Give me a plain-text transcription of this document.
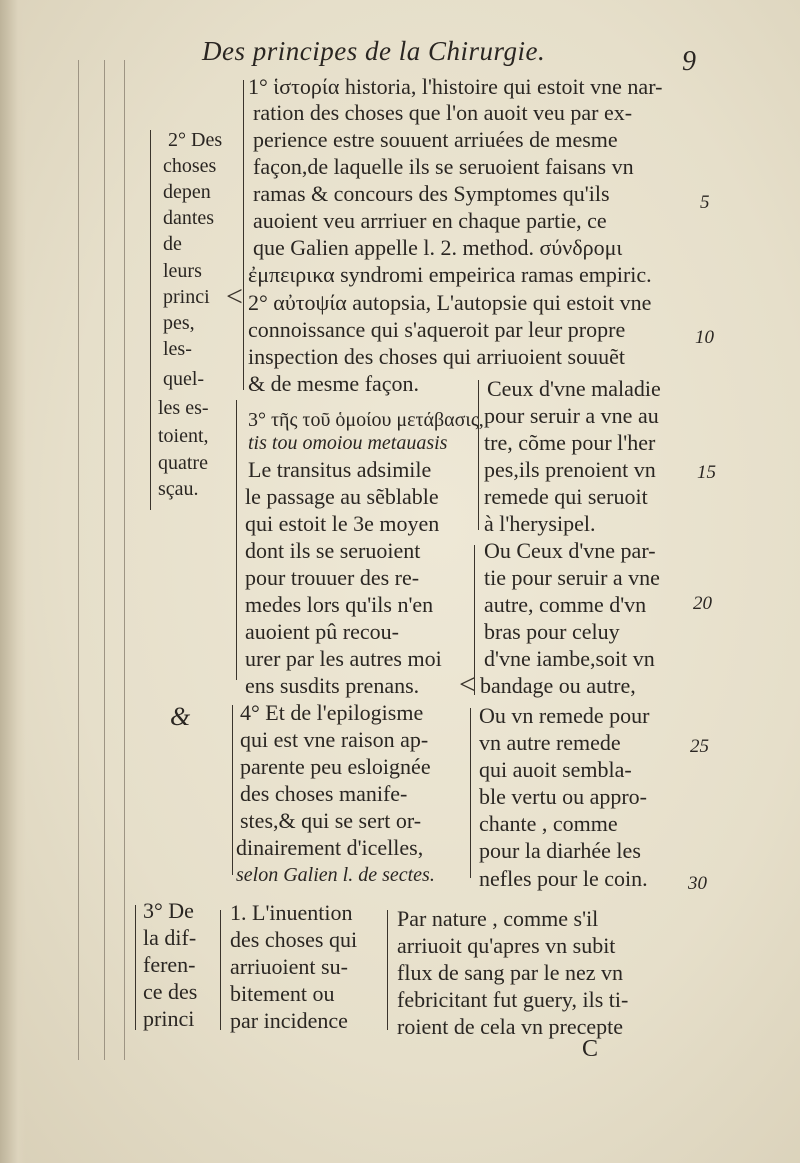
Des principes de la Chirurgie.	9
5
10
15
20
25
30
2° Des
choses
depen
dantes
de
leurs
princi
pes,
les-
quel-
les es-
toient,
quatre
sçau.
<
1° ἱστορία historia, l'histoire qui estoit vne nar-
ration des choses que l'on auoit veu par ex-
perience estre souuent arriuées de mesme
façon,de laquelle ils se seruoient faisans vn
ramas & concours des Symptomes qu'ils
auoient veu arrriuer en chaque partie, ce
que Galien appelle l. 2. method. σύνδρομι
ἐμπειρικα syndromi empeirica ramas empiric.
2° αὐτοψία autopsia, L'autopsie qui estoit vne
connoissance qui s'aqueroit par leur propre
inspection des choses qui arriuoient souuẽt
& de mesme façon.
3° τῆς τοῦ ὁμοίου μετάβασις,
tis tou omoiou metauasis
Le transitus adsimile
le passage au sẽblable
qui estoit le 3e moyen
dont ils se seruoient
pour trouuer des re-
medes lors qu'ils n'en
auoient pû recou-
urer par les autres moi
ens susdits prenans. <
Ceux d'vne maladie
pour seruir a vne au
tre, cõme pour l'her
pes,ils prenoient vn
remede qui seruoit
à l'herysipel.
Ou Ceux d'vne par-
tie pour seruir a vne
autre, comme d'vn
bras pour celuy
d'vne iambe,soit vn
bandage ou autre,
& 4° Et de l'epilogisme
qui est vne raison ap-
parente peu esloignée
des choses manife-
stes,& qui se sert or-
dinairement d'icelles,
selon Galien l. de sectes.
Ou vn remede pour
vn autre remede
qui auoit sembla-
ble vertu ou appro-
chante , comme
pour la diarhée les
nefles pour le coin.
3° De
la dif-
feren-
ce des
princi
1. L'inuention
des choses qui
arriuoient su-
bitement ou
par incidence
Par nature , comme s'il
arriuoit qu'apres vn subit
flux de sang par le nez vn
febricitant fut guery, ils ti-
roient de cela vn precepte
C
